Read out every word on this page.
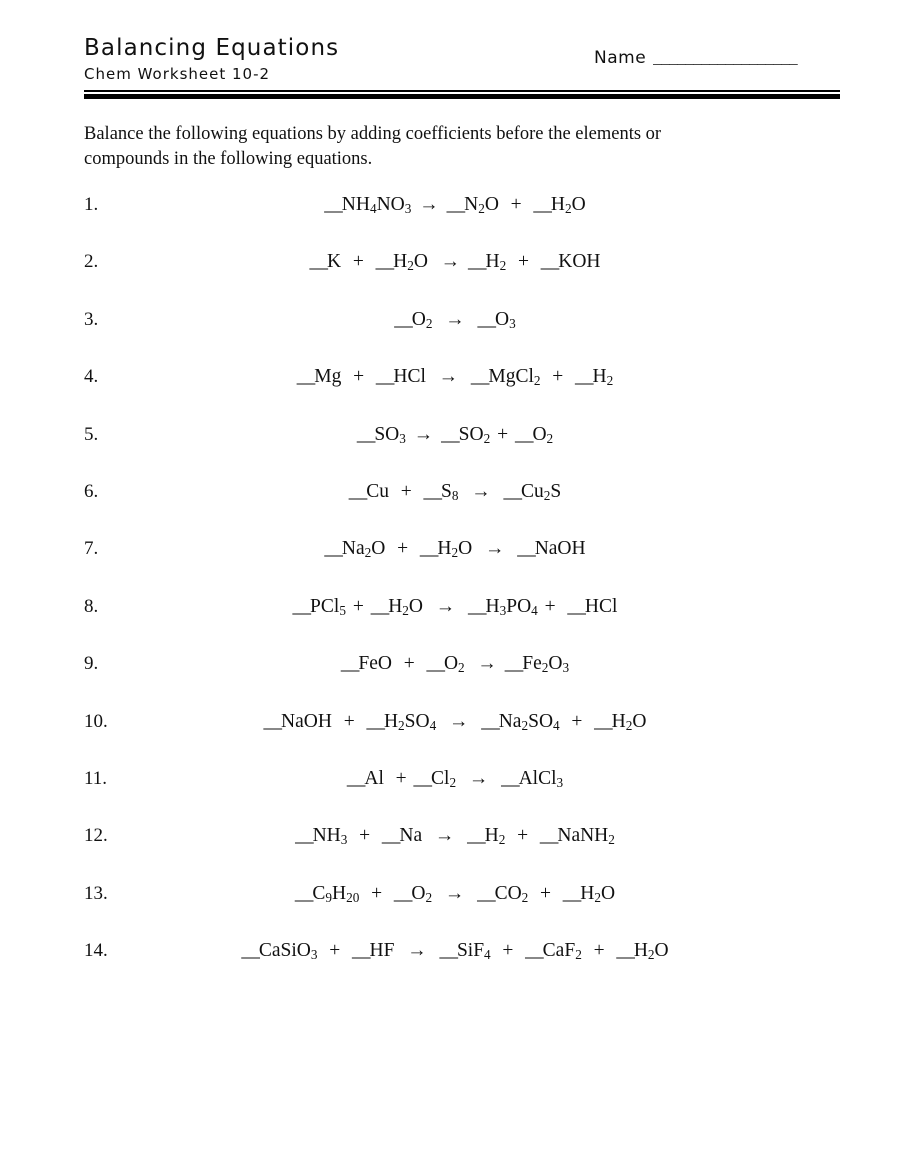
Balancing Equations
Chem Worksheet 10-2
Name __________________
Balance the following equations by adding coefficients before the elements or compounds in the following equations.
1.	$\_\_NH_4NO_3$ → $\_\_N_2O$  + $\_\_H_2O$
2.	__K  + $\_\_H_2O$  → $\_\_H_2$ + __KOH
3.	$\_\_O_2$ → $\_\_O_3$
4.	__Mg  + __HCl  → __MgCl$_2$ + $\_\_H_2$
5.	$\_\_SO_3$ → $\_\_SO_2$ + $\_\_O_2$
6.	__Cu  + $\_\_S_8$ → $\_\_Cu_2S$
7.	$\_\_Na_2O$  + $\_\_H_2O$  → __NaOH
8.	__PCl$_5$ + $\_\_H_2O$  → $\_\_H_3PO_4$ + __HCl
9.	__FeO  + $\_\_O_2$ → $\_\_Fe_2O_3$
10.	__NaOH  + $\_\_H_2SO_4$ → $\_\_Na_2SO_4$ + $\_\_H_2O$
11.	__Al  + $\_\_Cl_2$ → __AlCl$_3$
12.	$\_\_NH_3$ + __Na  → $\_\_H_2$ + __NaNH$_2$
13.	$\_\_C_9H_{20}$ + $\_\_O_2$ → $\_\_CO_2$ + $\_\_H_2O$
14.	__CaSiO$_3$ + __HF  → __SiF$_4$ + __CaF$_2$ + $\_\_H_2O$
